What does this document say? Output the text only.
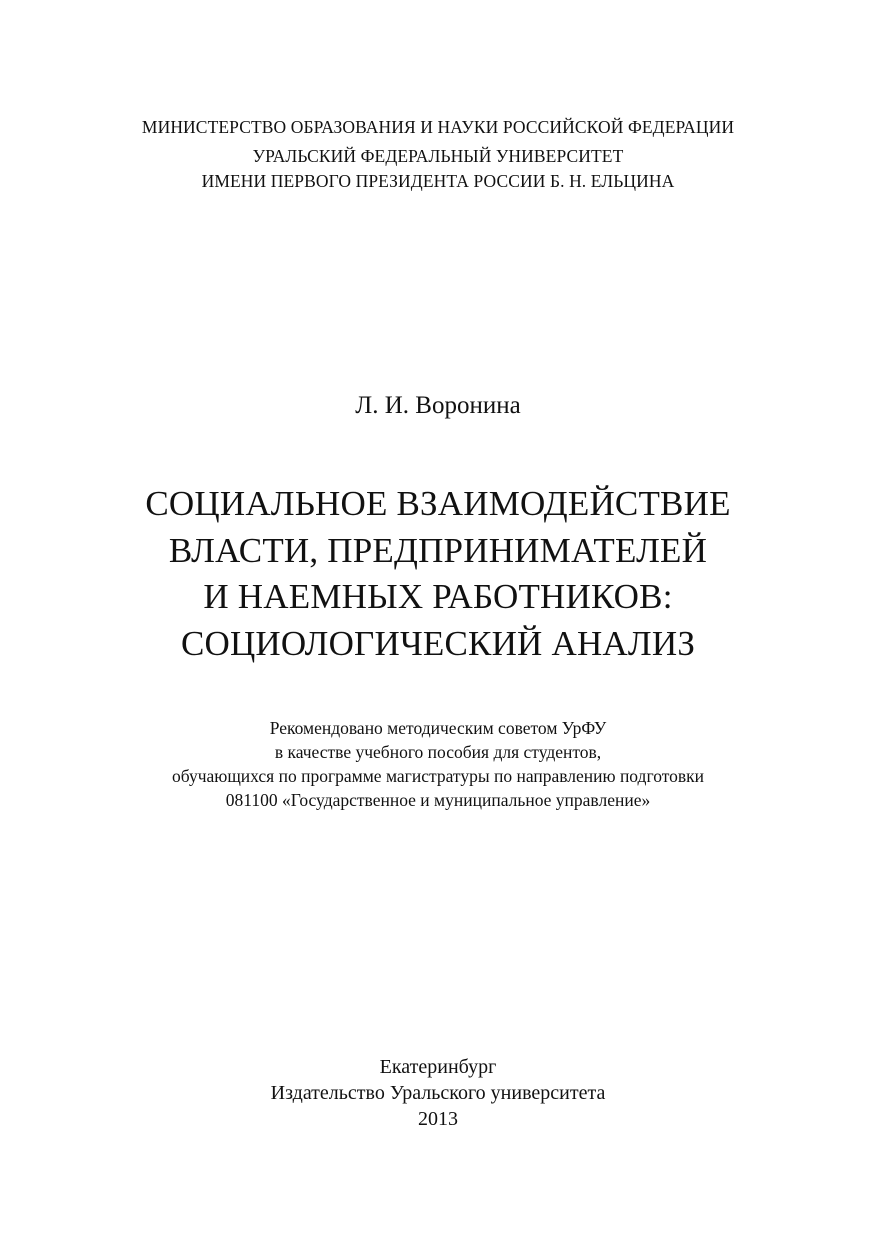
МИНИСТЕРСТВО ОБРАЗОВАНИЯ И НАУКИ РОССИЙСКОЙ ФЕДЕРАЦИИ
УРАЛЬСКИЙ ФЕДЕРАЛЬНЫЙ УНИВЕРСИТЕТ
ИМЕНИ ПЕРВОГО ПРЕЗИДЕНТА РОССИИ Б. Н. ЕЛЬЦИНА
Л. И. Воронина
СОЦИАЛЬНОЕ ВЗАИМОДЕЙСТВИЕ
ВЛАСТИ, ПРЕДПРИНИМАТЕЛЕЙ
И НАЕМНЫХ РАБОТНИКОВ:
СОЦИОЛОГИЧЕСКИЙ АНАЛИЗ
Рекомендовано методическим советом УрФУ
в качестве учебного пособия для студентов,
обучающихся по программе магистратуры по направлению подготовки
081100 «Государственное и муниципальное управление»
Екатеринбург
Издательство Уральского университета
2013
